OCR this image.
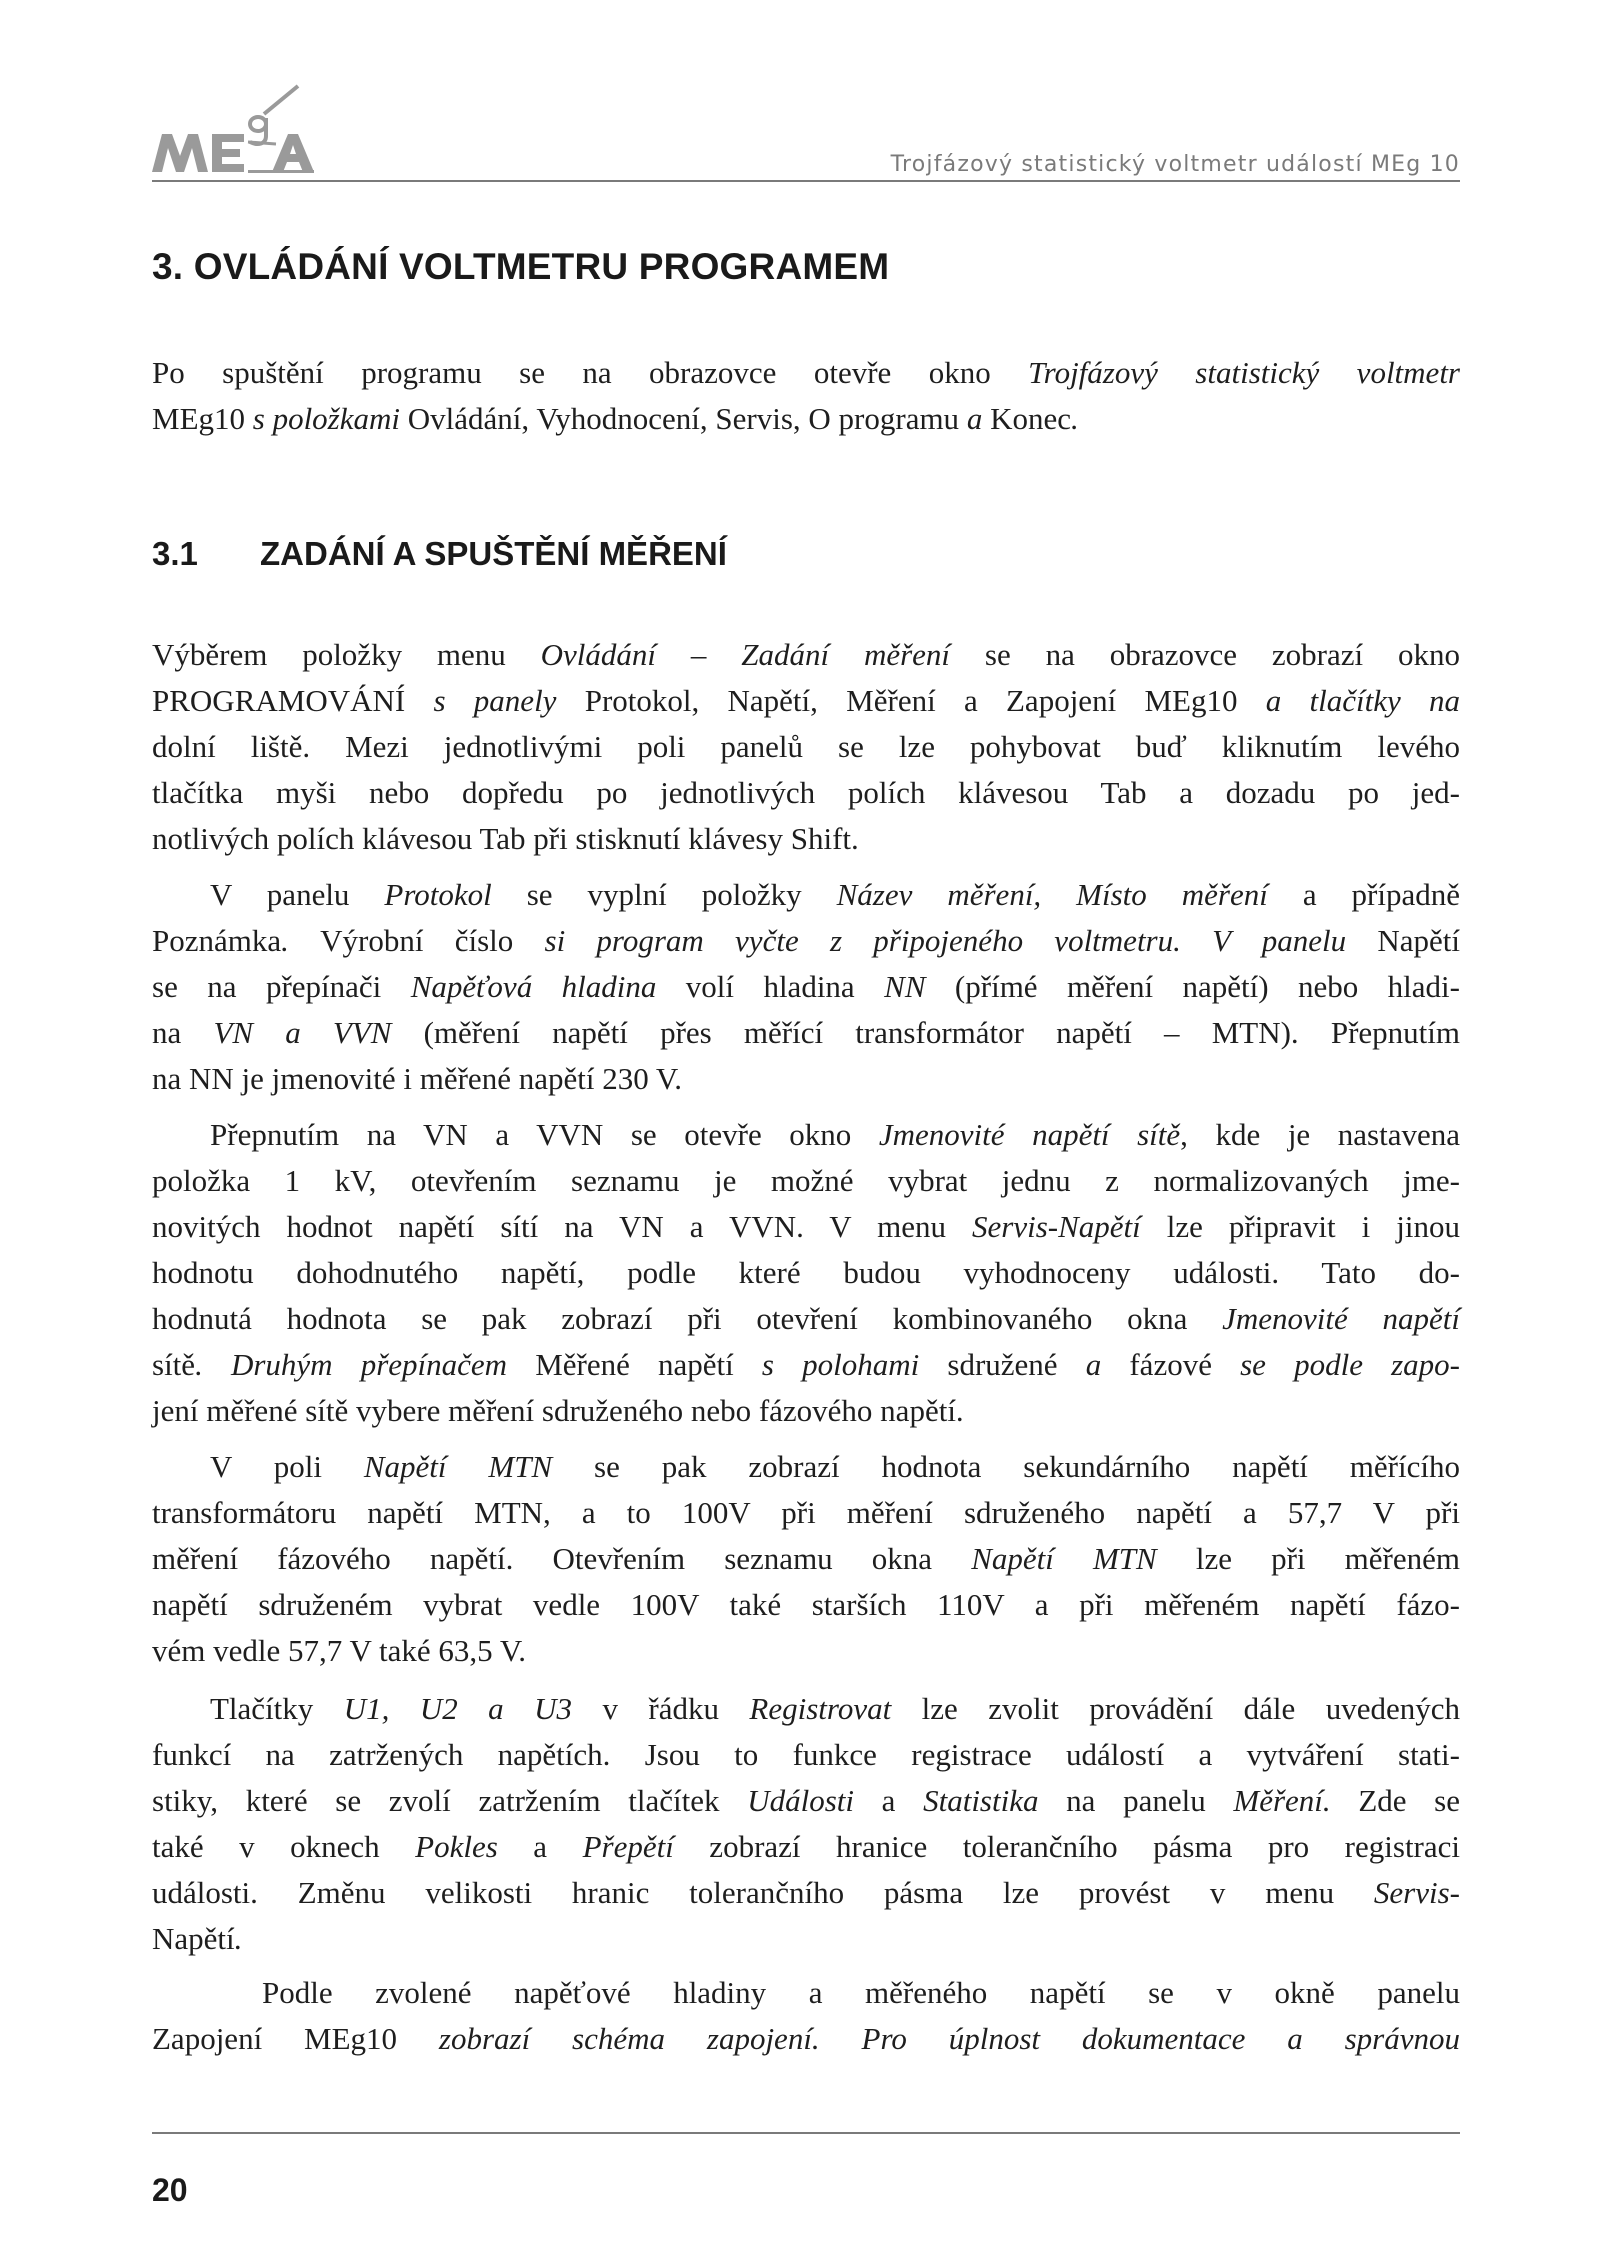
Trojfázový statistický voltmetr událostí MEg 10
3. OVLÁDÁNÍ VOLTMETRU PROGRAMEM
Po spuštění programu se na obrazovce otevře okno Trojfázový statistický voltmetr
MEg10 s položkami Ovládání, Vyhodnocení, Servis, O programu a Konec.
3.1 ZADÁNÍ A SPUŠTĚNÍ MĚŘENÍ
Výběrem položky menu Ovládání – Zadání měření se na obrazovce zobrazí okno
PROGRAMOVÁNÍ s panely Protokol, Napětí, Měření a Zapojení MEg10 a tlačítky na
dolní liště. Mezi jednotlivými poli panelů se lze pohybovat buď kliknutím levého
tlačítka myši nebo dopředu po jednotlivých polích klávesou Tab a dozadu po jed-
notlivých polích klávesou Tab při stisknutí klávesy Shift.
V panelu Protokol se vyplní položky Název měření, Místo měření a případně
Poznámka. Výrobní číslo si program vyčte z připojeného voltmetru. V panelu Napětí
se na přepínači Napěťová hladina volí hladina NN (přímé měření napětí) nebo hladi-
na VN a VVN (měření napětí přes měřící transformátor napětí – MTN). Přepnutím
na NN je jmenovité i měřené napětí 230 V.
Přepnutím na VN a VVN se otevře okno Jmenovité napětí sítě, kde je nastavena
položka 1 kV, otevřením seznamu je možné vybrat jednu z normalizovaných jme-
novitých hodnot napětí sítí na VN a VVN. V menu Servis-Napětí lze připravit i jinou
hodnotu dohodnutého napětí, podle které budou vyhodnoceny události. Tato do-
hodnutá hodnota se pak zobrazí při otevření kombinovaného okna Jmenovité napětí
sítě. Druhým přepínačem Měřené napětí s polohami sdružené a fázové se podle zapo-
jení měřené sítě vybere měření sdruženého nebo fázového napětí.
V poli Napětí MTN se pak zobrazí hodnota sekundárního napětí měřícího
transformátoru napětí MTN, a to 100V při měření sdruženého napětí a 57,7 V při
měření fázového napětí. Otevřením seznamu okna Napětí MTN lze při měřeném
napětí sdruženém vybrat vedle 100V také starších 110V a při měřeném napětí fázo-
vém vedle 57,7 V také 63,5 V.
Tlačítky U1, U2 a U3 v řádku Registrovat lze zvolit provádění dále uvedených
funkcí na zatržených napětích. Jsou to funkce registrace událostí a vytváření stati-
stiky, které se zvolí zatržením tlačítek Události a Statistika na panelu Měření. Zde se
také v oknech Pokles a Přepětí zobrazí hranice tolerančního pásma pro registraci
události. Změnu velikosti hranic tolerančního pásma lze provést v menu Servis-
Napětí.
Podle zvolené napěťové hladiny a měřeného napětí se v okně panelu
Zapojení MEg10 zobrazí schéma zapojení. Pro úplnost dokumentace a správnou
20
